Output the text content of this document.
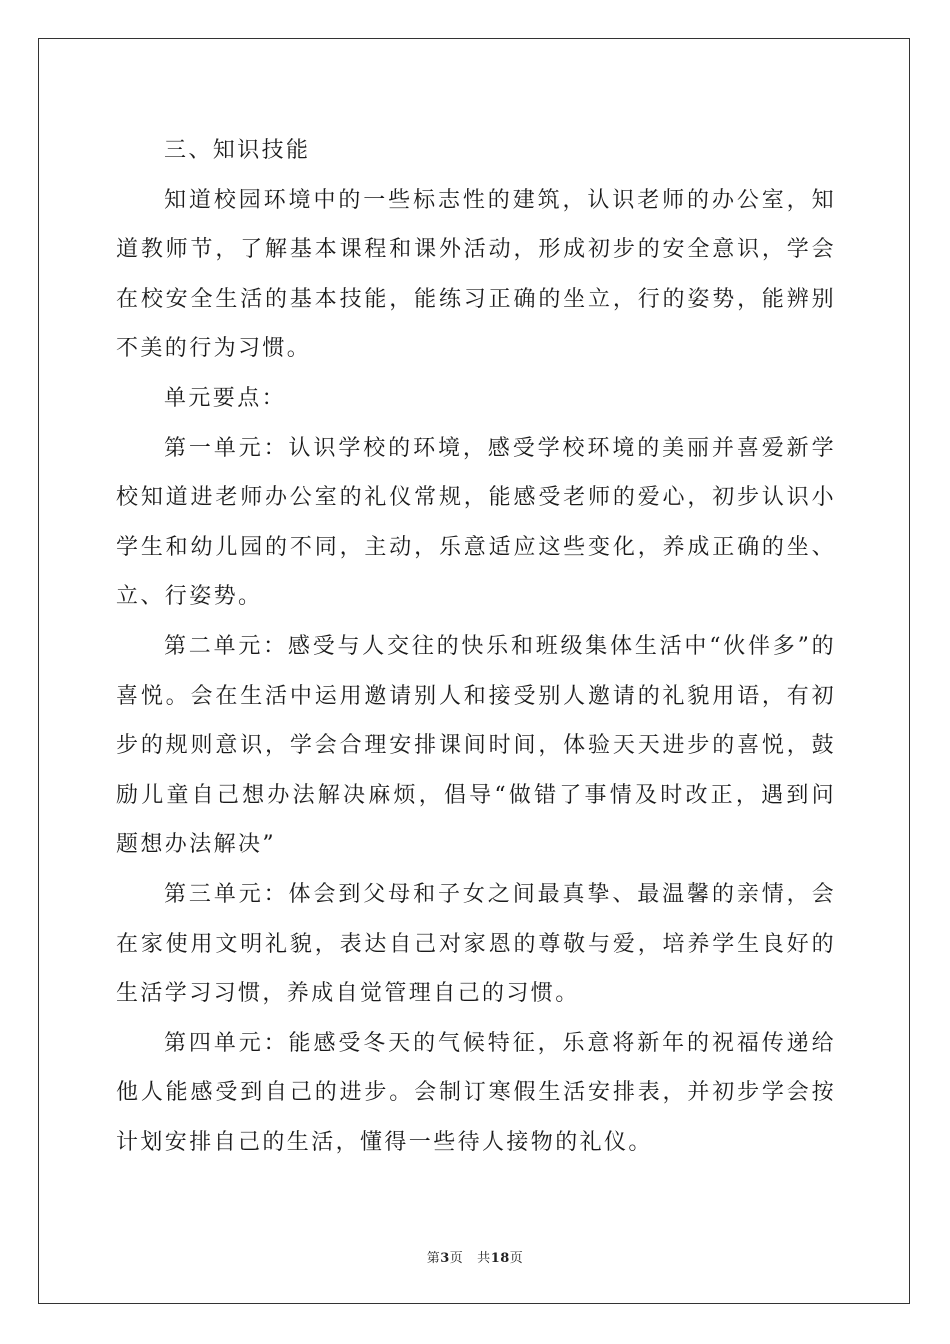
三、知识技能

知道校园环境中的一些标志性的建筑，认识老师的办公室，知道教师节，了解基本课程和课外活动，形成初步的安全意识，学会在校安全生活的基本技能，能练习正确的坐立，行的姿势，能辨别不美的行为习惯。

单元要点：

第一单元：认识学校的环境，感受学校环境的美丽并喜爱新学校知道进老师办公室的礼仪常规，能感受老师的爱心，初步认识小学生和幼儿园的不同，主动，乐意适应这些变化，养成正确的坐、立、行姿势。

第二单元：感受与人交往的快乐和班级集体生活中“伙伴多”的喜悦。会在生活中运用邀请别人和接受别人邀请的礼貌用语，有初步的规则意识，学会合理安排课间时间，体验天天进步的喜悦，鼓励儿童自己想办法解决麻烦，倡导“做错了事情及时改正，遇到问题想办法解决”

第三单元：体会到父母和子女之间最真挚、最温馨的亲情，会在家使用文明礼貌，表达自己对家恩的尊敬与爱，培养学生良好的生活学习习惯，养成自觉管理自己的习惯。

第四单元：能感受冬天的气候特征，乐意将新年的祝福传递给他人能感受到自己的进步。会制订寒假生活安排表，并初步学会按计划安排自己的生活，懂得一些待人接物的礼仪。

第3页 共18页
